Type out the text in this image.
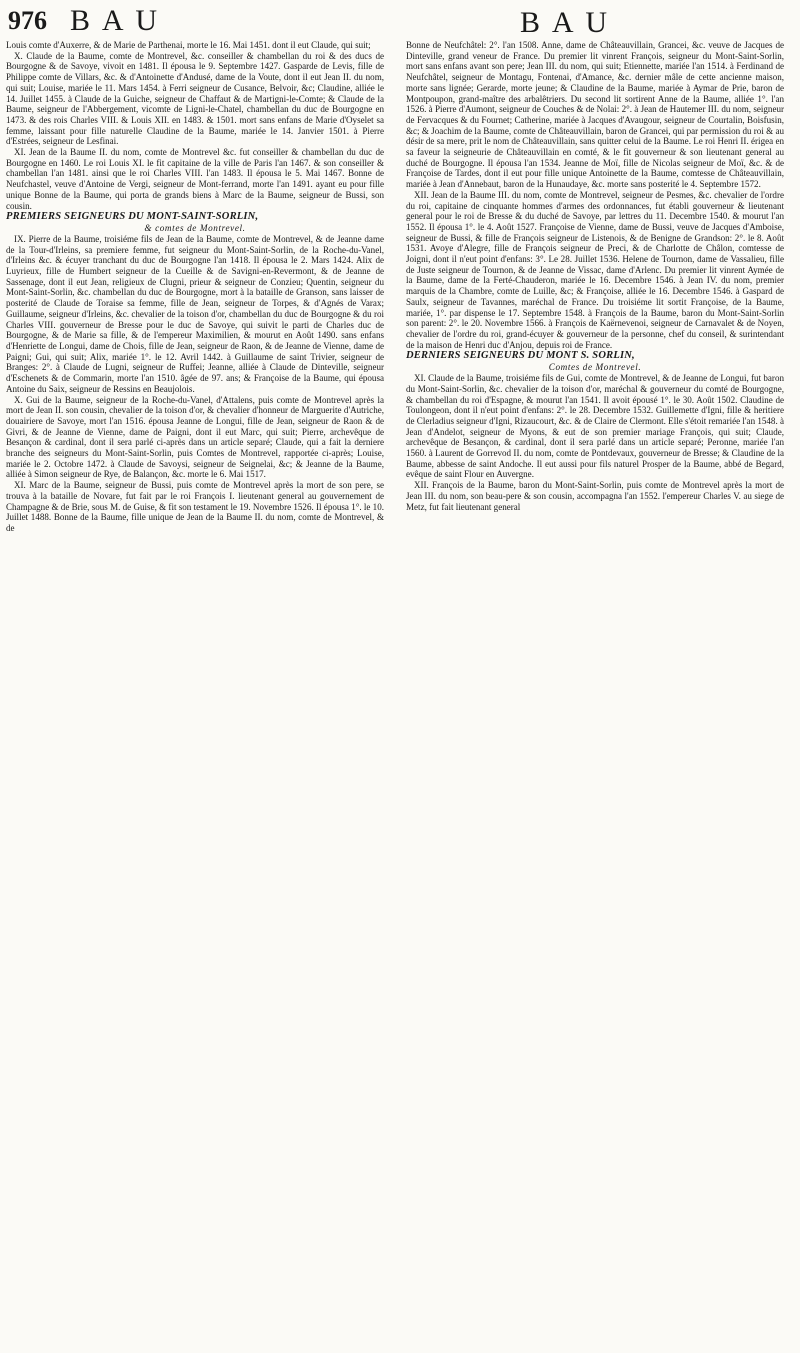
976 B A U	B A U

Louis comte d'Auxerre, & de Marie de Parthenai, morte le 16. Mai 1451. dont il eut Claude, qui suit;

X. Claude de la Baume, comte de Montrevel, &c. conseiller & chambellan du roi & des ducs de Bourgogne & de Savoye, vivoit en 1481. Il épousa le 9. Septembre 1427. Gasparde de Levis, fille de Philippe comte de Villars, &c. & d'Antoinette d'Andusé, dame de la Voute, dont il eut Jean II. du nom, qui suit; Louise, mariée le 11. Mars 1454. à Ferri seigneur de Cusance, Belvoir, &c; Claudine, alliée le 14. Juillet 1455. à Claude de la Guiche, seigneur de Chaffaut & de Martigni-le-Comte; & Claude de la Baume, seigneur de l'Abbergement, vicomte de Ligni-le-Chatel, chambellan du duc de Bourgogne en 1473. & des rois Charles VIII. & Louis XII. en 1483. & 1501. mort sans enfans de Marie d'Oyselet sa femme, laissant pour fille naturelle Claudine de la Baume, mariée le 14. Janvier 1501. à Pierre d'Estrées, seigneur de Lesfinai.

XI. Jean de la Baume II. du nom, comte de Montrevel &c. fut conseiller & chambellan du duc de Bourgogne en 1460. Le roi Louis XI. le fit capitaine de la ville de Paris l'an 1467. & son conseiller & chambellan l'an 1481. ainsi que le roi Charles VIII. l'an 1483. Il épousa le 5. Mai 1467. Bonne de Neufchastel, veuve d'Antoine de Vergi, seigneur de Mont-ferrand, morte l'an 1491. ayant eu pour fille unique Bonne de la Baume, qui porta de grands biens à Marc de la Baume, seigneur de Bussi, son cousin.

PREMIERS SEIGNEURS DU MONT-SAINT-SORLIN,

& comtes de Montrevel.

IX. Pierre de la Baume, troisiéme fils de Jean de la Baume, comte de Montrevel, & de Jeanne dame de la Tour-d'Irleins, sa premiere femme, fut seigneur du Mont-Saint-Sorlin, de la Roche-du-Vanel, d'Irleins &c. & écuyer tranchant du duc de Bourgogne l'an 1418. Il épousa le 2. Mars 1424. Alix de Luyrieux, fille de Humbert seigneur de la Cueille & de Savigni-en-Revermont, & de Jeanne de Sassenage, dont il eut Jean, religieux de Clugni, prieur & seigneur de Conzieu; Quentin, seigneur du Mont-Saint-Sorlin, &c. chambellan du duc de Bourgogne, mort à la bataille de Granson, sans laisser de posterité de Claude de Toraise sa femme, fille de Jean, seigneur de Torpes, & d'Agnés de Varax; Guillaume, seigneur d'Irleins, &c. chevalier de la toison d'or, chambellan du duc de Bourgogne & du roi Charles VIII. gouverneur de Bresse pour le duc de Savoye, qui suivit le parti de Charles duc de Bourgogne, & de Marie sa fille, & de l'empereur Maximilien, & mourut en Août 1490. sans enfans d'Henriette de Longui, dame de Chois, fille de Jean, seigneur de Raon, & de Jeanne de Vienne, dame de Paigni; Gui, qui suit; Alix, mariée 1°. le 12. Avril 1442. à Guillaume de saint Trivier, seigneur de Branges: 2°. à Claude de Lugni, seigneur de Ruffei; Jeanne, alliée à Claude de Dinteville, seigneur d'Eschenets & de Commarin, morte l'an 1510. âgée de 97. ans; & Françoise de la Baume, qui épousa Antoine du Saix, seigneur de Ressins en Beaujolois.

X. Gui de la Baume, seigneur de la Roche-du-Vanel, d'Attalens, puis comte de Montrevel après la mort de Jean II. son cousin, chevalier de la toison d'or, & chevalier d'honneur de Marguerite d'Autriche, douairiere de Savoye, mort l'an 1516. épousa Jeanne de Longui, fille de Jean, seigneur de Raon & de Givri, & de Jeanne de Vienne, dame de Paigni, dont il eut Marc, qui suit; Pierre, archevêque de Besançon & cardinal, dont il sera parlé ci-après dans un article separé; Claude, qui a fait la derniere branche des seigneurs du Mont-Saint-Sorlin, puis Comtes de Montrevel, rapportée ci-après; Louise, mariée le 2. Octobre 1472. à Claude de Savoysi, seigneur de Seignelai, &c; & Jeanne de la Baume, alliée à Simon seigneur de Rye, de Balançon, &c. morte le 6. Mai 1517.

XI. Marc de la Baume, seigneur de Bussi, puis comte de Montrevel après la mort de son pere, se trouva à la bataille de Novare, fut fait par le roi François I. lieutenant general au gouvernement de Champagne & de Brie, sous M. de Guise, & fit son testament le 19. Novembre 1526. Il épousa 1°. le 10. Juillet 1488. Bonne de la Baume, fille unique de Jean de la Baume II. du nom, comte de Montrevel, & de

Bonne de Neufchâtel: 2°. l'an 1508. Anne, dame de Châteauvillain, Grancei, &c. veuve de Jacques de Dinteville, grand veneur de France. Du premier lit vinrent François, seigneur du Mont-Saint-Sorlin, mort sans enfans avant son pere; Jean III. du nom, qui suit; Etiennette, mariée l'an 1514. à Ferdinand de Neufchâtel, seigneur de Montagu, Fontenai, d'Amance, &c. dernier mâle de cette ancienne maison, morte sans lignée; Gerarde, morte jeune; & Claudine de la Baume, mariée à Aymar de Prie, baron de Montpoupon, grand-maître des arbalêtriers. Du second lit sortirent Anne de la Baume, alliée 1°. l'an 1526. à Pierre d'Aumont, seigneur de Couches & de Nolai: 2°. à Jean de Hautemer III. du nom, seigneur de Fervacques & du Fournet; Catherine, mariée à Jacques d'Avaugour, seigneur de Courtalin, Boisfusin, &c; & Joachim de la Baume, comte de Châteauvillain, baron de Grancei, qui par permission du roi & au désir de sa mere, prit le nom de Châteauvillain, sans quitter celui de la Baume. Le roi Henri II. érigea en sa faveur la seigneurie de Châteauvillain en comté, & le fit gouverneur & son lieutenant general au duché de Bourgogne. Il épousa l'an 1534. Jeanne de Moï, fille de Nicolas seigneur de Moï, &c. & de Françoise de Tardes, dont il eut pour fille unique Antoinette de la Baume, comtesse de Châteauvillain, mariée à Jean d'Annebaut, baron de la Hunaudaye, &c. morte sans posterité le 4. Septembre 1572.

XII. Jean de la Baume III. du nom, comte de Montrevel, seigneur de Pesmes, &c. chevalier de l'ordre du roi, capitaine de cinquante hommes d'armes des ordonnances, fut établi gouverneur & lieutenant general pour le roi de Bresse & du duché de Savoye, par lettres du 11. Decembre 1540. & mourut l'an 1552. Il épousa 1°. le 4. Août 1527. Françoise de Vienne, dame de Bussi, veuve de Jacques d'Amboise, seigneur de Bussi, & fille de François seigneur de Listenois, & de Benigne de Grandson: 2°. le 8. Août 1531. Avoye d'Alegre, fille de François seigneur de Preci, & de Charlotte de Châlon, comtesse de Joigni, dont il n'eut point d'enfans: 3°. Le 28. Juillet 1536. Helene de Tournon, dame de Vassalieu, fille de Juste seigneur de Tournon, & de Jeanne de Vissac, dame d'Arlenc. Du premier lit vinrent Aymée de la Baume, dame de la Ferté-Chauderon, mariée le 16. Decembre 1546. à Jean IV. du nom, premier marquis de la Chambre, comte de Luille, &c; & Françoise, alliée le 16. Decembre 1546. à Gaspard de Saulx, seigneur de Tavannes, maréchal de France. Du troisiéme lit sortit Françoise, de la Baume, mariée, 1°. par dispense le 17. Septembre 1548. à François de la Baume, baron du Mont-Saint-Sorlin son parent: 2°. le 20. Novembre 1566. à François de Kaërnevenoi, seigneur de Carnavalet & de Noyen, chevalier de l'ordre du roi, grand-écuyer & gouverneur de la personne, chef du conseil, & surintendant de la maison de Henri duc d'Anjou, depuis roi de France.

DERNIERS SEIGNEURS DU MONT S. SORLIN,

Comtes de Montrevel.

XI. Claude de la Baume, troisiéme fils de Gui, comte de Montrevel, & de Jeanne de Longui, fut baron du Mont-Saint-Sorlin, &c. chevalier de la toison d'or, maréchal & gouverneur du comté de Bourgogne, & chambellan du roi d'Espagne, & mourut l'an 1541. Il avoit épousé 1°. le 30. Août 1502. Claudine de Toulongeon, dont il n'eut point d'enfans: 2°. le 28. Decembre 1532. Guillemette d'Igni, fille & heritiere de Clerladius seigneur d'Igni, Rizaucourt, &c. & de Claire de Clermont. Elle s'étoit remariée l'an 1548. à Jean d'Andelot, seigneur de Myons, & eut de son premier mariage François, qui suit; Claude, archevêque de Besançon, & cardinal, dont il sera parlé dans un article separé; Peronne, mariée l'an 1560. à Laurent de Gorrevod II. du nom, comte de Pontdevaux, gouverneur de Bresse; & Claudine de la Baume, abbesse de saint Andoche. Il eut aussi pour fils naturel Prosper de la Baume, abbé de Begard, evêque de saint Flour en Auvergne.

XII. François de la Baume, baron du Mont-Saint-Sorlin, puis comte de Montrevel après la mort de Jean III. du nom, son beau-pere & son cousin, accompagna l'an 1552. l'empereur Charles V. au siege de Metz, fut fait lieutenant general
